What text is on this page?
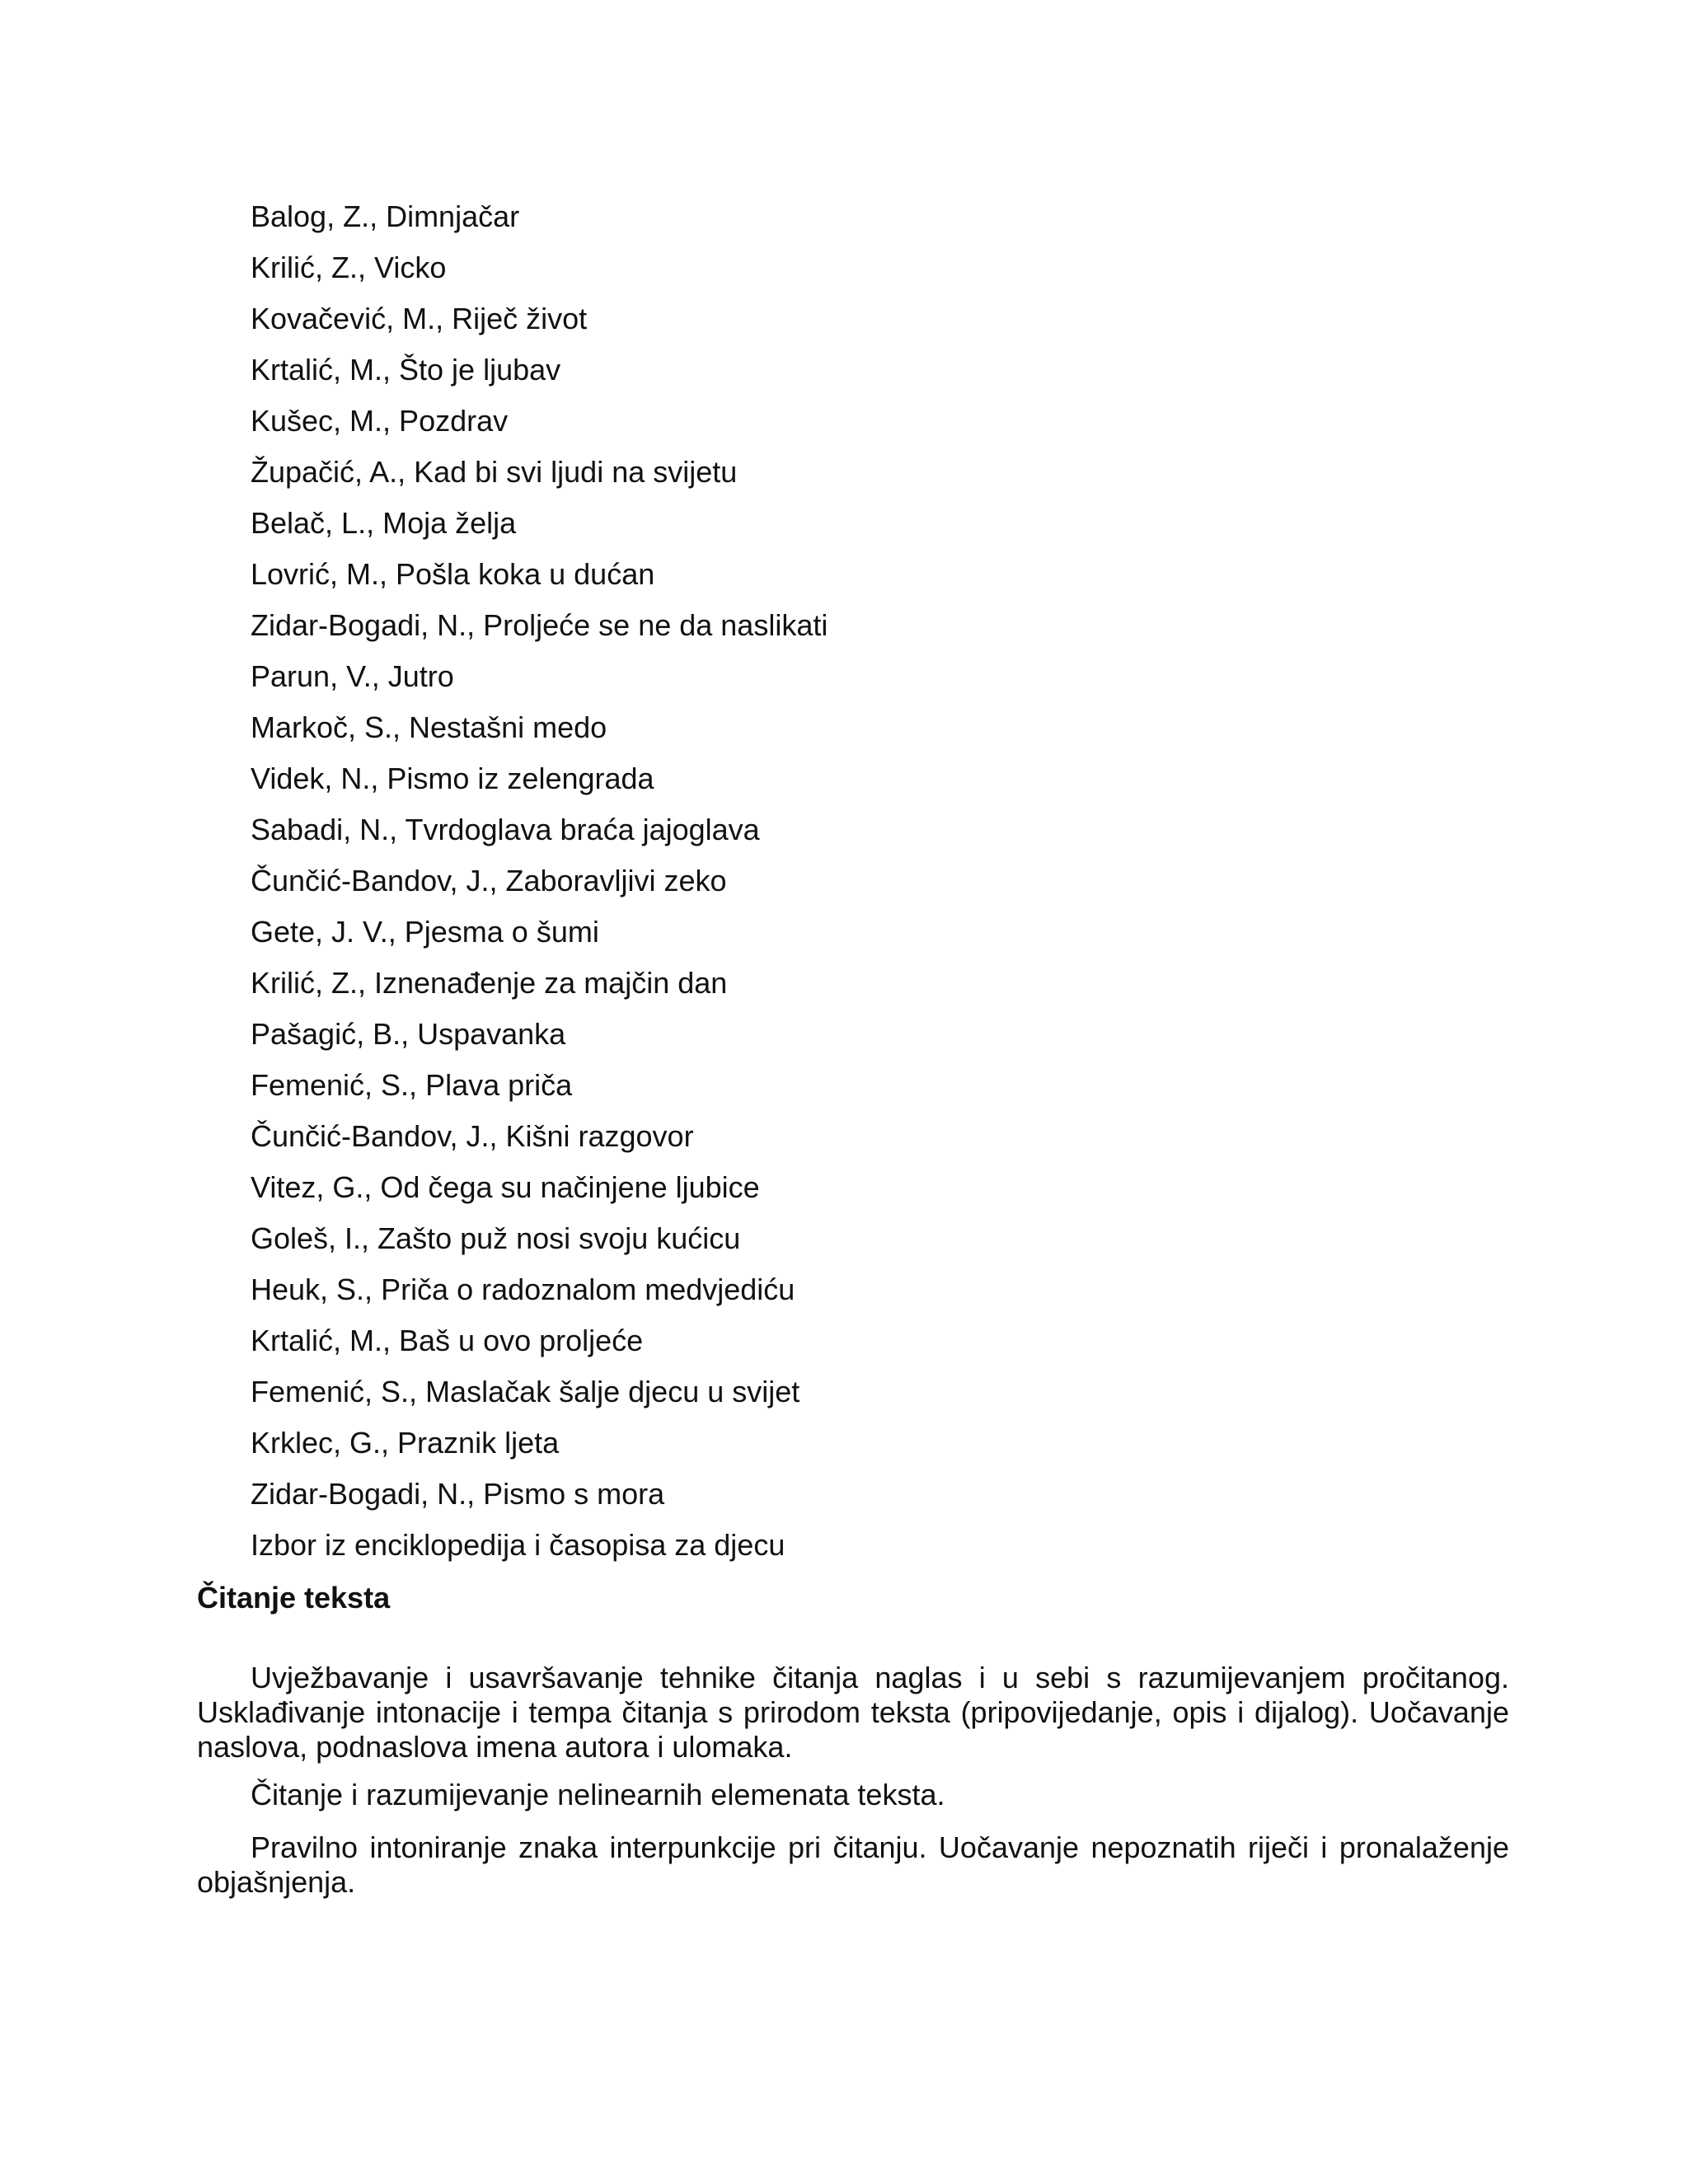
Balog, Z., Dimnjačar
Krilić, Z., Vicko
Kovačević, M., Riječ život
Krtalić, M., Što je ljubav
Kušec, M., Pozdrav
Župačić, A., Kad bi svi ljudi na svijetu
Belač, L., Moja želja
Lovrić, M., Pošla koka u dućan
Zidar-Bogadi, N., Proljeće se ne da naslikati
Parun, V., Jutro
Markoč, S., Nestašni medo
Videk, N., Pismo iz zelengrada
Sabadi, N., Tvrdoglava braća jajoglava
Čunčić-Bandov, J., Zaboravljivi zeko
Gete, J. V., Pjesma o šumi
Krilić, Z., Iznenađenje za majčin dan
Pašagić, B., Uspavanka
Femenić, S., Plava priča
Čunčić-Bandov, J., Kišni razgovor
Vitez, G., Od čega su načinjene ljubice
Goleš, I., Zašto puž nosi svoju kućicu
Heuk, S., Priča o radoznalom medvjediću
Krtalić, M., Baš u ovo proljeće
Femenić, S., Maslačak šalje djecu u svijet
Krklec, G., Praznik ljeta
Zidar-Bogadi, N., Pismo s mora
Izbor iz enciklopedija i časopisa za djecu
Čitanje teksta

Uvježbavanje i usavršavanje tehnike čitanja naglas i u sebi s razumijevanjem pročitanog. Usklađivanje intonacije i tempa čitanja s prirodom teksta (pripovijedanje, opis i dijalog). Uočavanje naslova, podnaslova imena autora i ulomaka.

Čitanje i razumijevanje nelinearnih elemenata teksta.

Pravilno intoniranje znaka interpunkcije pri čitanju. Uočavanje nepoznatih riječi i pronalaženje objašnjenja.
